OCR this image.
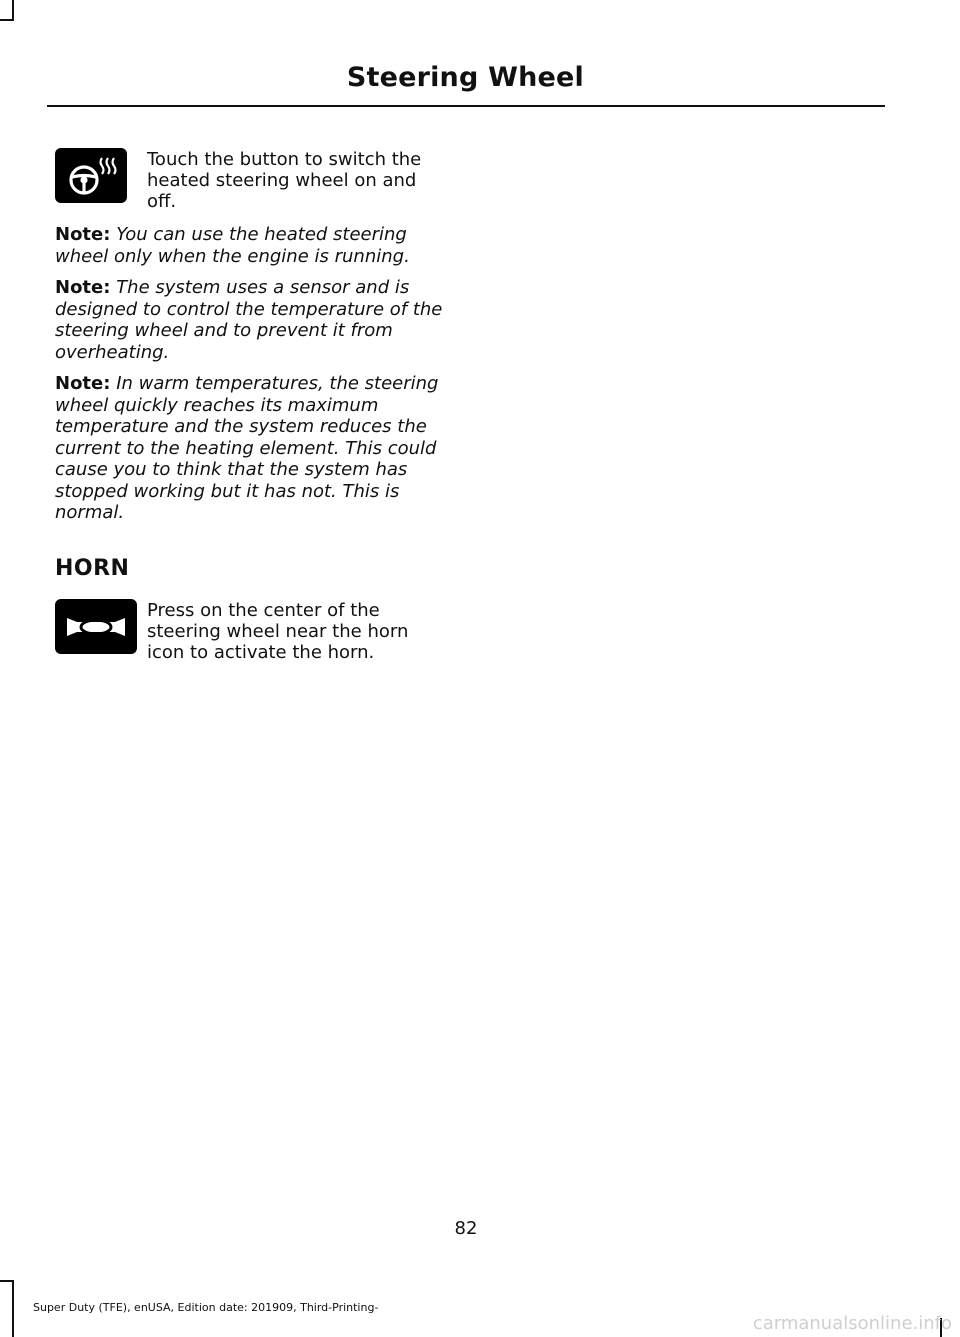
Steering Wheel
Touch the button to switch the heated steering wheel on and off.

Note: You can use the heated steering wheel only when the engine is running.

Note: The system uses a sensor and is designed to control the temperature of the steering wheel and to prevent it from overheating.

Note: In warm temperatures, the steering wheel quickly reaches its maximum temperature and the system reduces the current to the heating element. This could cause you to think that the system has stopped working but it has not. This is normal.

HORN
Press on the center of the steering wheel near the horn icon to activate the horn.
82
Super Duty (TFE), enUSA, Edition date: 201909, Third-Printing-
carmanualsonline.info
